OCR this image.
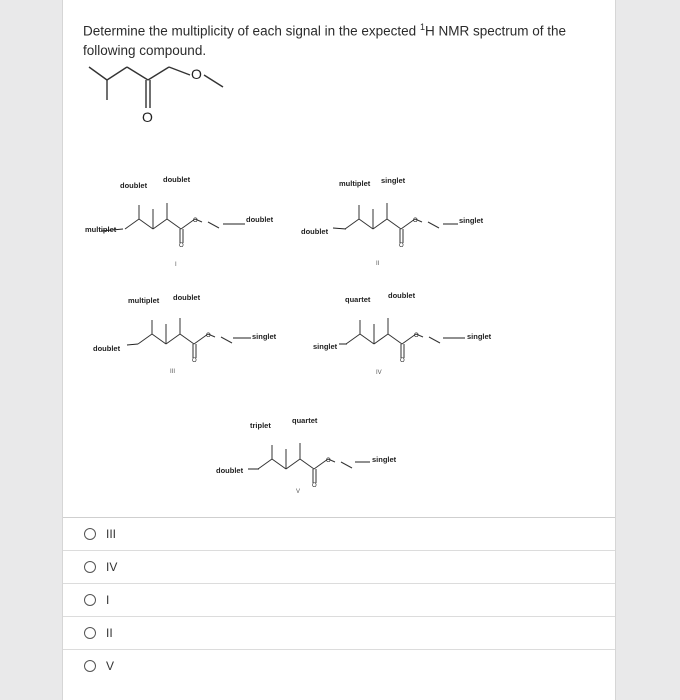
Determine the multiplicity of each signal in the expected $^1$H NMR spectrum of the following compound.
O
O
O
O
doublet
doublet
doublet
multiplet
I
O
O
multiplet singlet
singlet
doublet
II
O
O
multiplet doublet
singlet
doublet
III
O
O
quartet doublet
singlet
singlet
IV
O
O
triplet
quartet
singlet
doublet
V
III
IV
I
II
V
